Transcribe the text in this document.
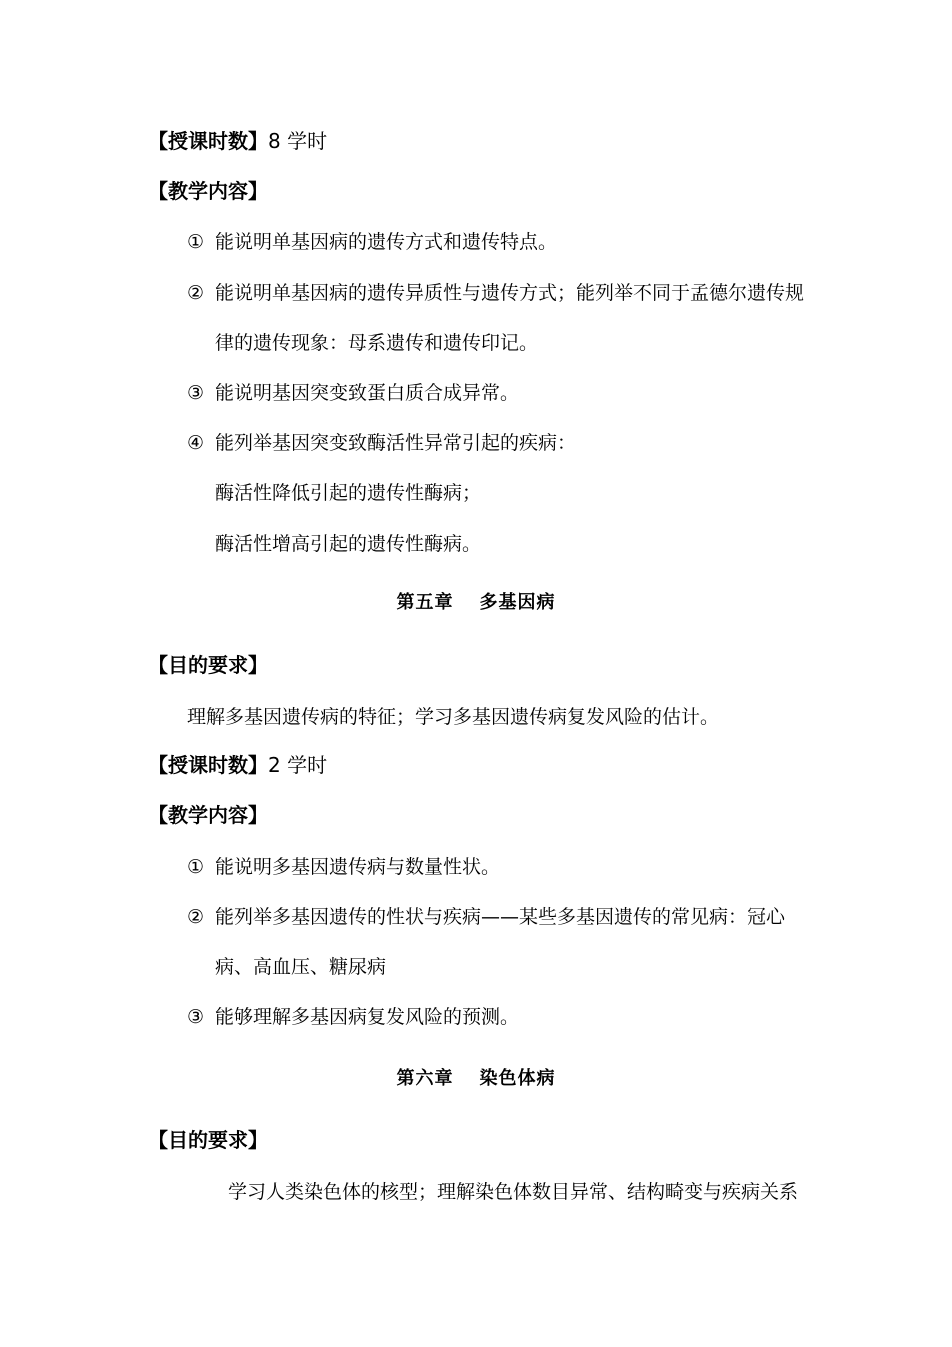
【授课时数】8 学时
【教学内容】
① 能说明单基因病的遗传方式和遗传特点。
② 能说明单基因病的遗传异质性与遗传方式；能列举不同于孟德尔遗传规
律的遗传现象：母系遗传和遗传印记。
③ 能说明基因突变致蛋白质合成异常。
④ 能列举基因突变致酶活性异常引起的疾病：
酶活性降低引起的遗传性酶病；
酶活性增高引起的遗传性酶病。
第五章 多基因病
【目的要求】
理解多基因遗传病的特征；学习多基因遗传病复发风险的估计。
【授课时数】2 学时
【教学内容】
① 能说明多基因遗传病与数量性状。
② 能列举多基因遗传的性状与疾病——某些多基因遗传的常见病：冠心
病、高血压、糖尿病
③ 能够理解多基因病复发风险的预测。
第六章 染色体病
【目的要求】
学习人类染色体的核型；理解染色体数目异常、结构畸变与疾病关系
